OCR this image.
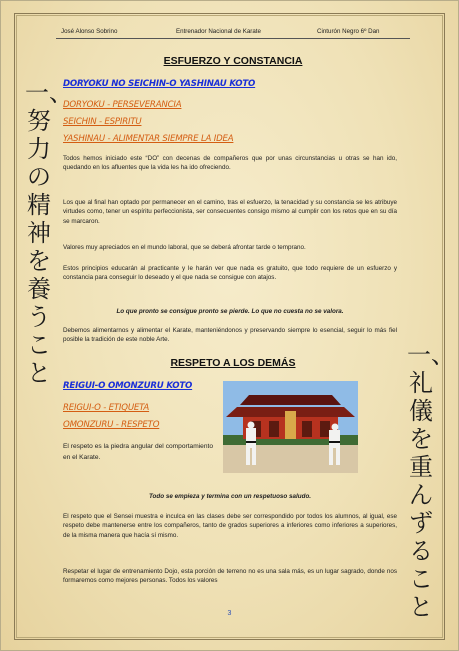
José Alonso Sobrino	Entrenador Nacional de Karate	Cinturón Negro 6º Dan
ESFUERZO Y CONSTANCIA
DORYOKU NO SEICHIN-O YASHINAU KOTO
DORYOKU - PERSEVERANCIA
SEICHIN - ESPIRITU
YASHINAU - ALIMENTAR SIEMPRE LA IDEA
Todos hemos iniciado este “DO” con decenas de compañeros que por unas circunstancias u otras se han ido, quedando en los afluentes que la vida les ha ido ofreciendo.
Los que al final han optado por permanecer en el camino, tras el esfuerzo, la tenacidad y su constancia se les atribuye virtudes como, tener un espíritu perfeccionista, ser consecuentes consigo mismo al cumplir con los retos que en su día se marcaron.
Valores muy apreciados en el mundo laboral, que se deberá afrontar tarde o temprano.
Estos principios educarán al practicante y le harán ver que nada es gratuito, que todo requiere de un esfuerzo y constancia para conseguir lo deseado y el que nada se consigue con atajos.
Lo que pronto se consigue pronto se pierde. Lo que no cuesta no se valora.
Debemos alimentarnos y alimentar el Karate, manteniéndonos y preservando siempre lo esencial, seguir lo más fiel posible la tradición de este noble Arte.
RESPETO A LOS DEMÁS
REIGUI-O OMONZURU KOTO
REIGUI-O - ETIQUETA
OMONZURU - RESPETO
El respeto es la piedra angular del comportamiento en el Karate.
Todo se empieza y termina con un respetuoso saludo.
El respeto que el Sensei muestra e inculca en las clases debe ser correspondido por todos los alumnos, al igual, ese respeto debe mantenerse entre los compañeros, tanto de grados superiores a inferiores como inferiores a superiores, de la misma manera que hacía sí mismo.
Respetar el lugar de entrenamiento Dojo, esta porción de terreno no es una sala más, es un lugar sagrado, donde nos formaremos como mejores personas. Todos los valores
一、努力の精神を養うこと
一、礼儀を重んずること
3
